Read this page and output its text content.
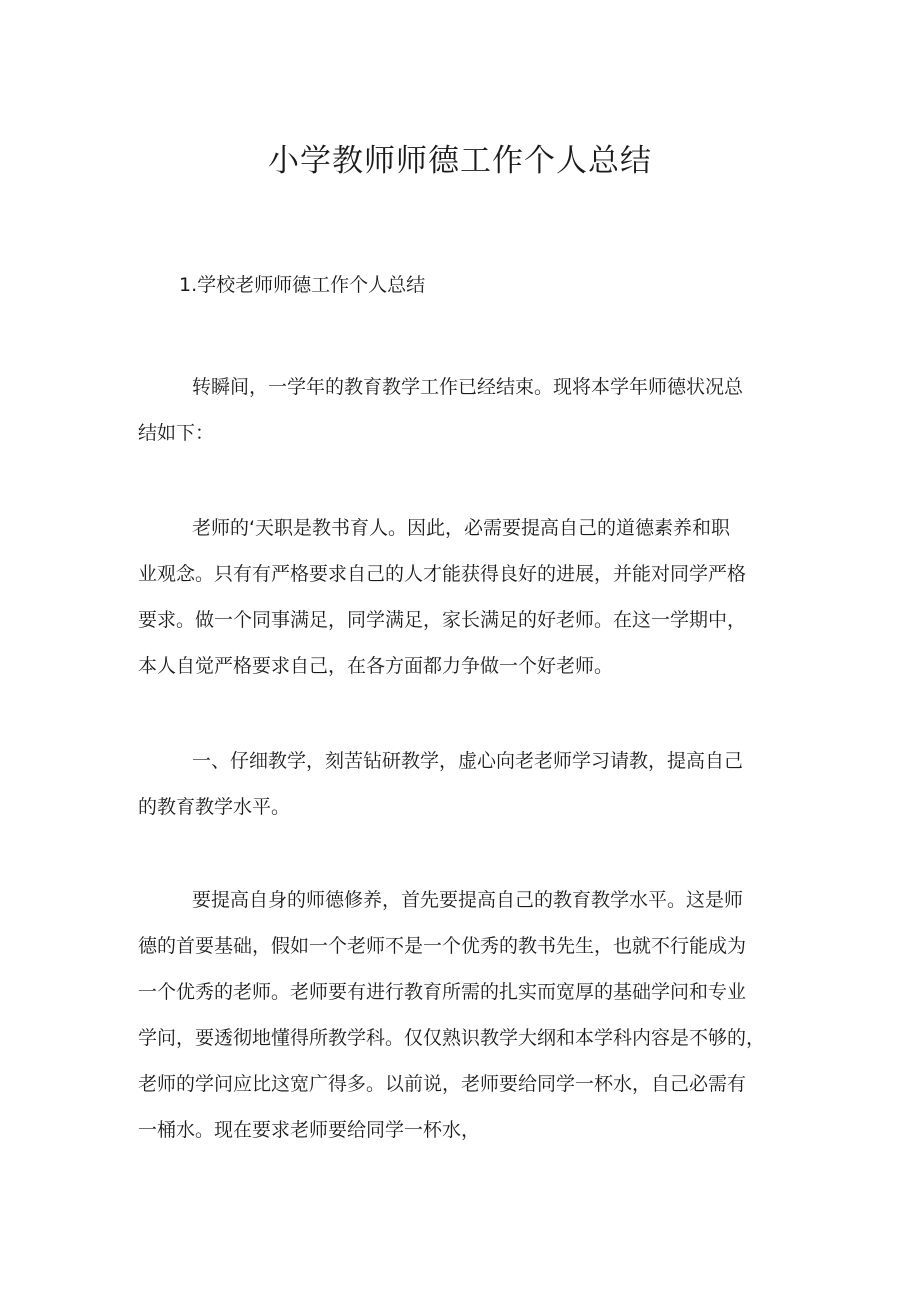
小学教师师德工作个人总结

1.学校老师师德工作个人总结

转瞬间，一学年的教育教学工作已经结束。现将本学年师德状况总
结如下：
老师的‘天职是教书育人。因此，必需要提高自己的道德素养和职
业观念。只有有严格要求自己的人才能获得良好的进展，并能对同学严格
要求。做一个同事满足，同学满足，家长满足的好老师。在这一学期中，
本人自觉严格要求自己，在各方面都力争做一个好老师。
一、仔细教学，刻苦钻研教学，虚心向老老师学习请教，提高自己
的教育教学水平。
要提高自身的师德修养，首先要提高自己的教育教学水平。这是师
德的首要基础，假如一个老师不是一个优秀的教书先生，也就不行能成为
一个优秀的老师。老师要有进行教育所需的扎实而宽厚的基础学问和专业
学问，要透彻地懂得所教学科。仅仅熟识教学大纲和本学科内容是不够的，
老师的学问应比这宽广得多。以前说，老师要给同学一杯水，自己必需有
一桶水。现在要求老师要给同学一杯水，
